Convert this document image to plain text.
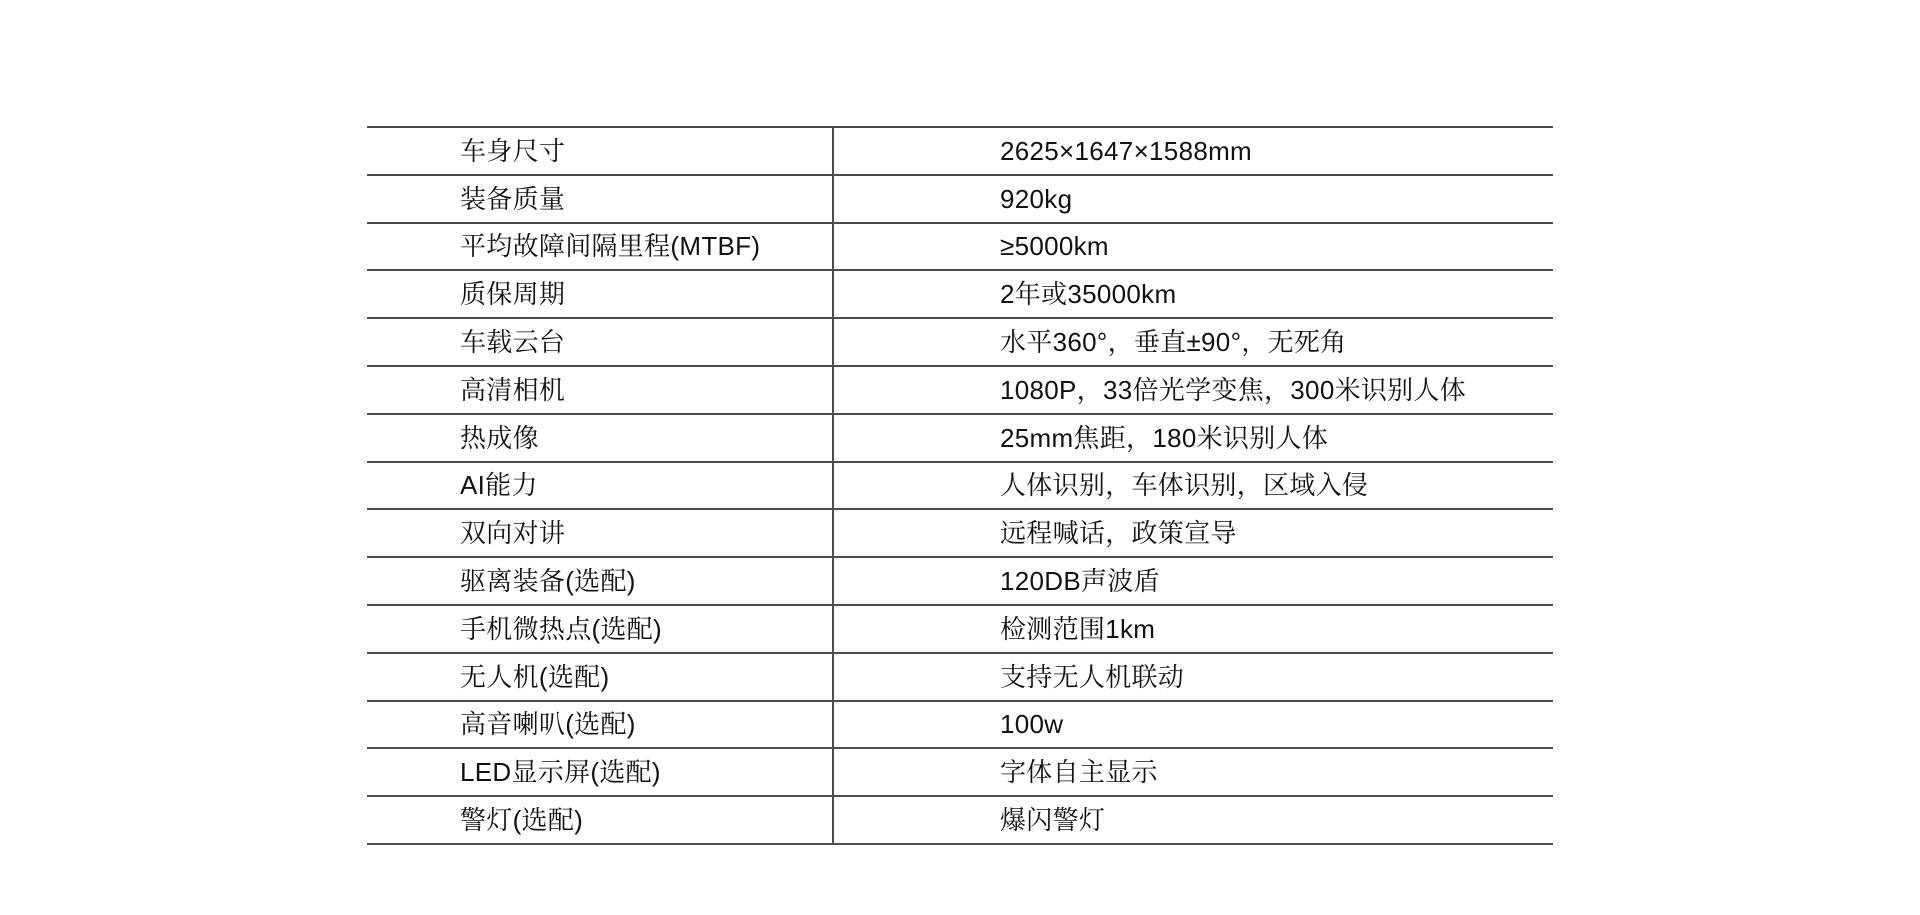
车身尺寸	2625×1647×1588mm
装备质量	920kg
平均故障间隔里程(MTBF)	≥5000km
质保周期	2年或35000km
车载云台	水平360°，垂直±90°，无死角
高清相机	1080P，33倍光学变焦，300米识别人体
热成像	25mm焦距，180米识别人体
AI能力	人体识别，车体识别，区域入侵
双向对讲	远程喊话，政策宣导
驱离装备(选配)	120DB声波盾
手机微热点(选配)	检测范围1km
无人机(选配)	支持无人机联动
高音喇叭(选配)	100w
LED显示屏(选配)	字体自主显示
警灯(选配)	爆闪警灯
